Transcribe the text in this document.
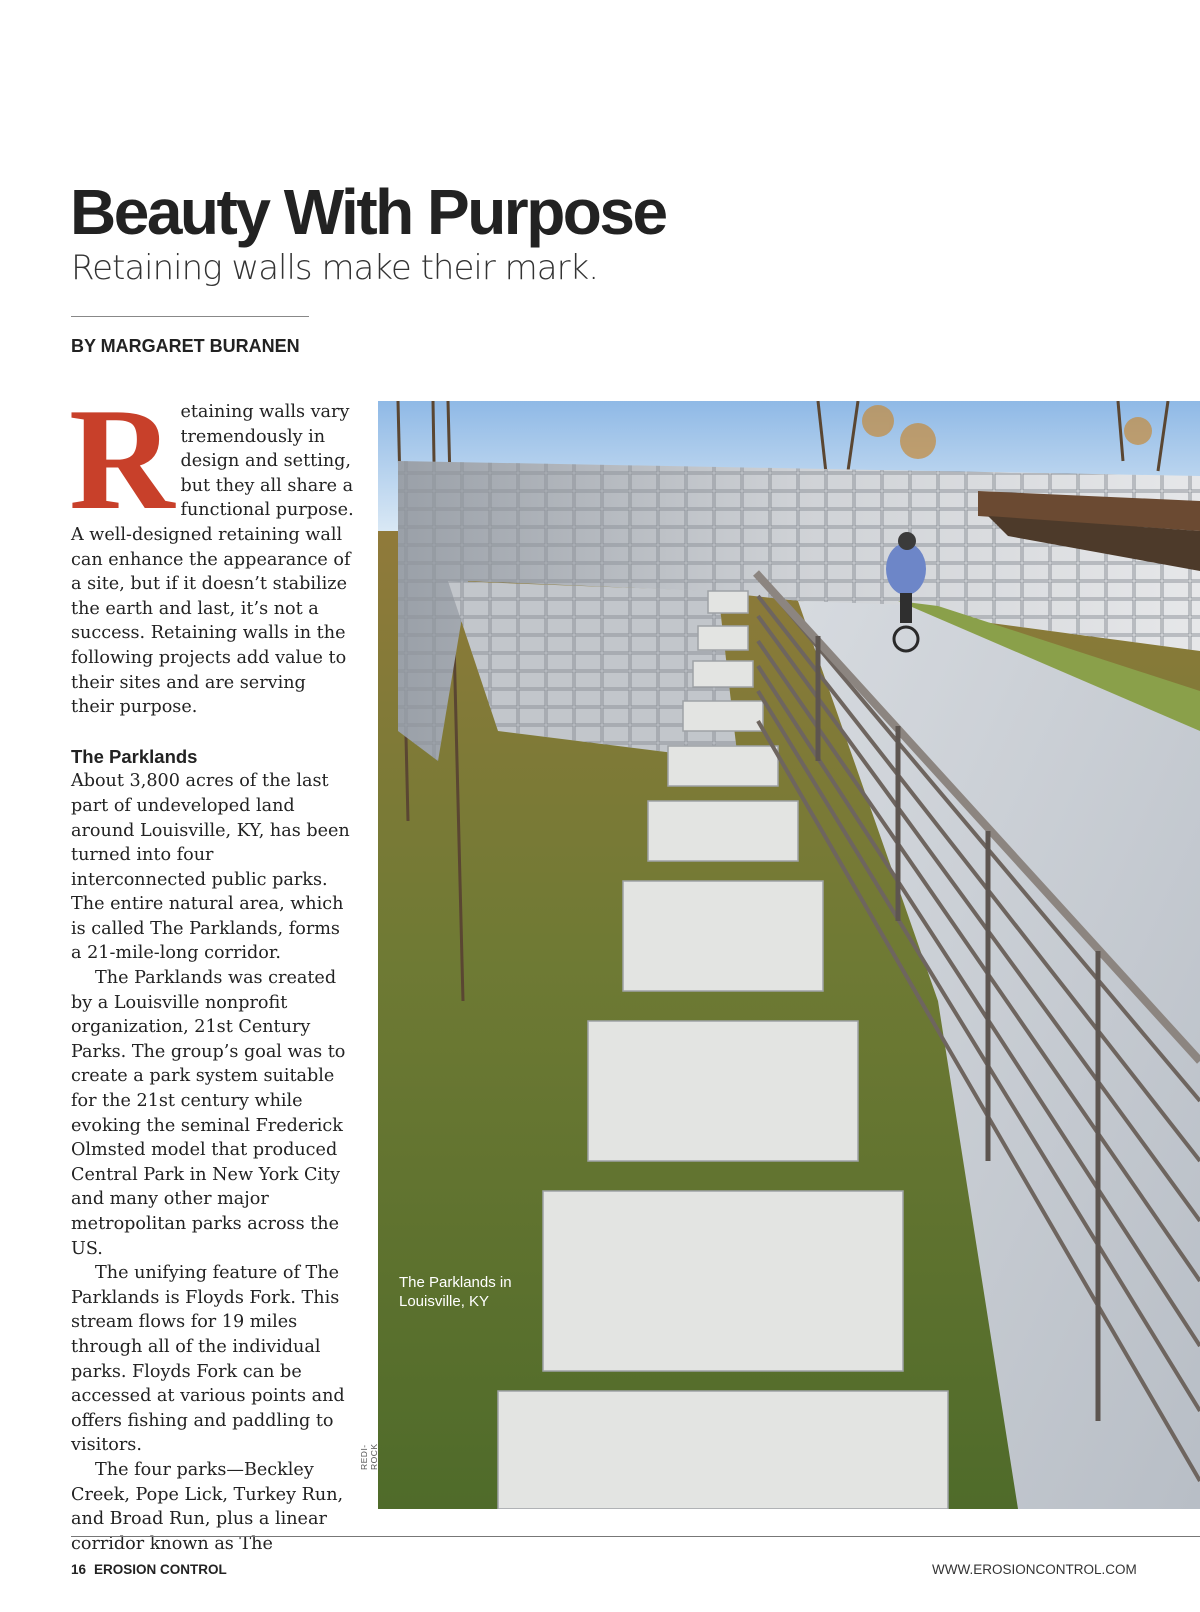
Beauty With Purpose
Retaining walls make their mark.
BY MARGARET BURANEN

Retaining walls vary tremendously in design and setting, but they all share a functional purpose. A well-designed retaining wall can enhance the appearance of a site, but if it doesn’t stabilize the earth and last, it’s not a success. Retaining walls in the following projects add value to their sites and are serving their purpose.

The Parklands

About 3,800 acres of the last part of undeveloped land around Louisville, KY, has been turned into four interconnected public parks. The entire natural area, which is called The Parklands, forms a 21-mile-long corridor.

The Parklands was created by a Louisville nonprofit organization, 21st Century Parks. The group’s goal was to create a park system suitable for the 21st century while evoking the seminal Frederick Olmsted model that produced Central Park in New York City and many other major metropolitan parks across the US.

The unifying feature of The Parklands is Floyds Fork. This stream flows for 19 miles through all of the individual parks. Floyds Fork can be accessed at various points and offers fishing and paddling to visitors.

The four parks—Beckley Creek, Pope Lick, Turkey Run, and Broad Run, plus a linear corridor known as The

The Parklands in Louisville, KY
REDI-ROCK
16 EROSION CONTROL	WWW.EROSIONCONTROL.COM
